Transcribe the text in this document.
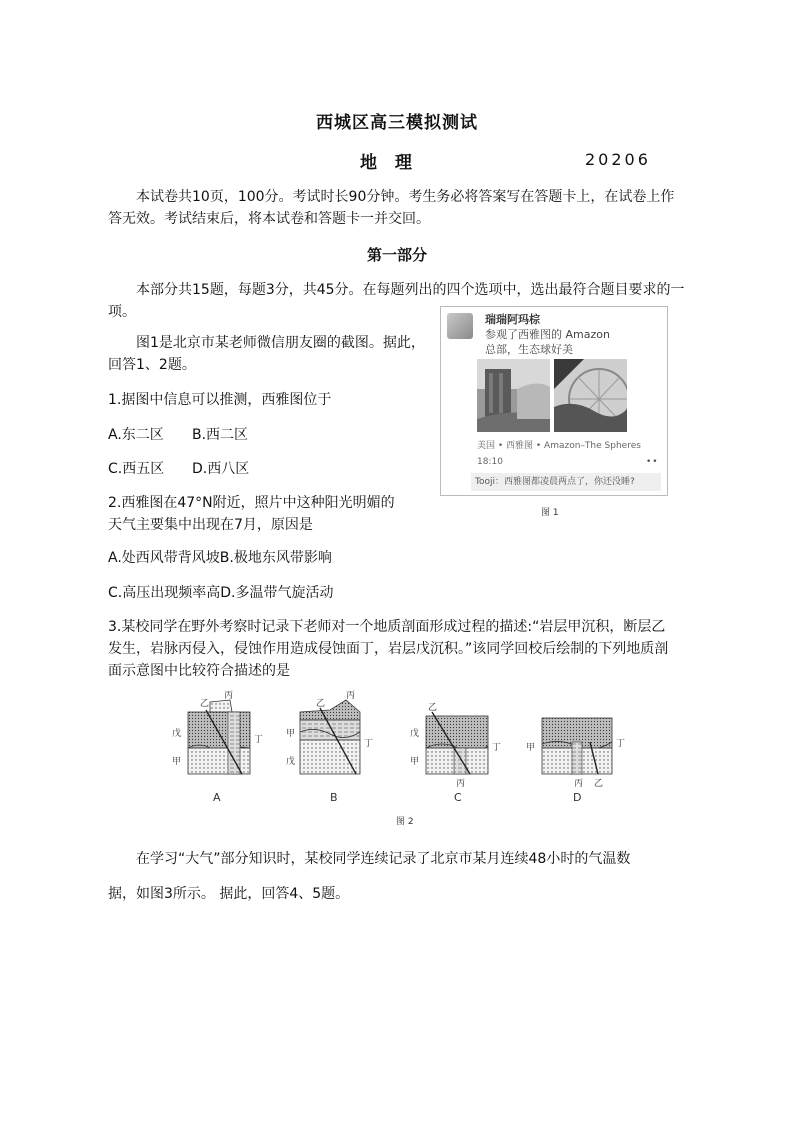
西城区高三模拟测试
地 理	20206
本试卷共10页，100分。考试时长90分钟。考生务必将答案写在答题卡上，在试卷上作答无效。考试结束后，将本试卷和答题卡一并交回。
第一部分
本部分共15题，每题3分，共45分。在每题列出的四个选项中，选出最符合题目要求的一项。
图1是北京市某老师微信朋友圈的截图。据此，回答1、2题。
1.据图中信息可以推测，西雅图位于
A.东二区 B.西二区
C.西五区 D.西八区
2.西雅图在47°N附近，照片中这种阳光明媚的
天气主要集中出现在7月，原因是
A.处西风带背风坡B.极地东风带影响
C.高压出现频率高D.多温带气旋活动
瑞瑞阿玛棕
参观了西雅图的 Amazon
总部，生态球好美
美国 • 西雅图 • Amazon–The Spheres
18:10	••
Tooji：西雅图都凌晨两点了，你还没睡?
图 1
3.某校同学在野外考察时记录下老师对一个地质剖面形成过程的描述:“岩层甲沉积，断层乙
发生，岩脉丙侵入，侵蚀作用造成侵蚀面丁，岩层戊沉积。”该同学回校后绘制的下列地质剖
面示意图中比较符合描述的是
戊
甲
乙
丙
丁
甲
戊
乙
丙
丁
戊
甲
乙
丙
丁	甲
丙 乙
丁
A	B	C	D
图 2
在学习“大气”部分知识时，某校同学连续记录了北京市某月连续48小时的气温数
据，如图3所示。 据此，回答4、5题。
